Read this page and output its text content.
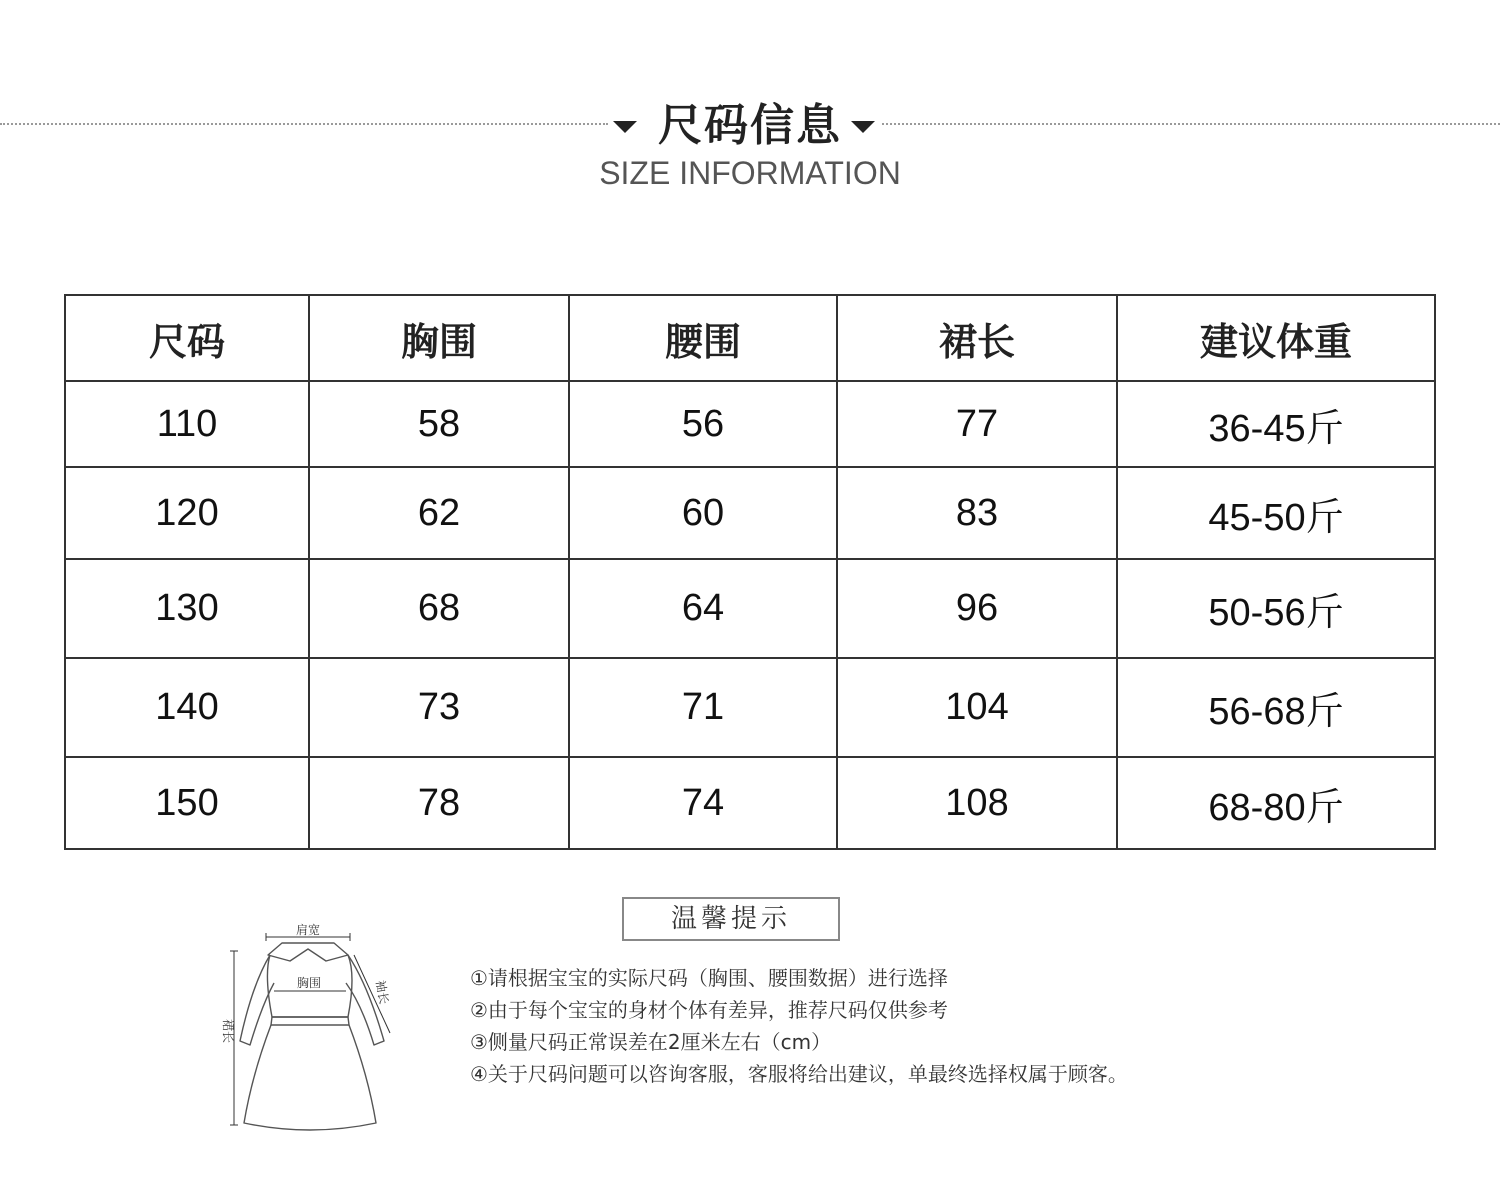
尺码信息
SIZE INFORMATION
尺码	胸围	腰围	裙长	建议体重
110	58	56	77	36-45斤
120	62	60	83	45-50斤
130	68	64	96	50-56斤
140	73	71	104	56-68斤
150	78	74	108	68-80斤
肩宽
胸围	袖长
裙长
温馨提示
①请根据宝宝的实际尺码（胸围、腰围数据）进行选择
②由于每个宝宝的身材个体有差异，推荐尺码仅供参考
③侧量尺码正常误差在2厘米左右（cm）
④关于尺码问题可以咨询客服，客服将给出建议，单最终选择权属于顾客。
